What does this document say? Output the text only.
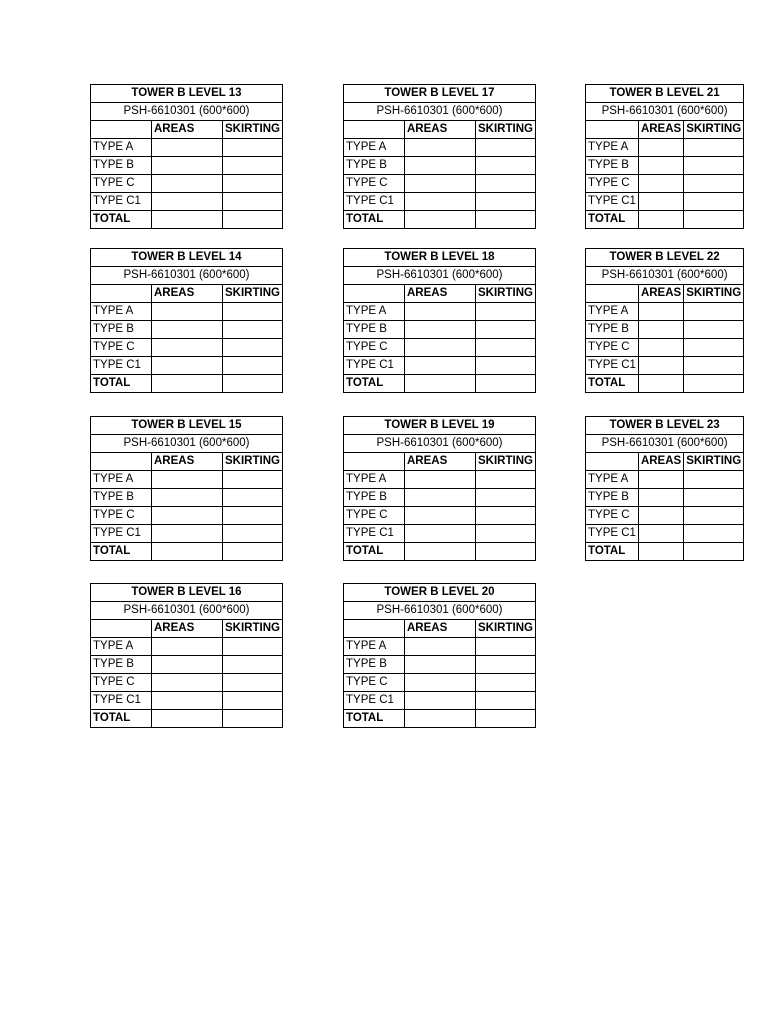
TOWER B LEVEL 13		
PSH-6610301 (600*600)		
	AREAS	SKIRTING
TYPE A		
TYPE B		
TYPE C		
TYPE C1		
TOTAL		
TOWER B LEVEL 14		
PSH-6610301 (600*600)		
	AREAS	SKIRTING
TYPE A		
TYPE B		
TYPE C		
TYPE C1		
TOTAL		
TOWER B LEVEL 15		
PSH-6610301 (600*600)		
	AREAS	SKIRTING
TYPE A		
TYPE B		
TYPE C		
TYPE C1		
TOTAL		
TOWER B LEVEL 16		
PSH-6610301 (600*600)		
	AREAS	SKIRTING
TYPE A		
TYPE B		
TYPE C		
TYPE C1		
TOTAL		
TOWER B LEVEL 17		
PSH-6610301 (600*600)		
	AREAS	SKIRTING
TYPE A		
TYPE B		
TYPE C		
TYPE C1		
TOTAL		
TOWER B LEVEL 18		
PSH-6610301 (600*600)		
	AREAS	SKIRTING
TYPE A		
TYPE B		
TYPE C		
TYPE C1		
TOTAL		
TOWER B LEVEL 19		
PSH-6610301 (600*600)		
	AREAS	SKIRTING
TYPE A		
TYPE B		
TYPE C		
TYPE C1		
TOTAL		
TOWER B LEVEL 20		
PSH-6610301 (600*600)		
	AREAS	SKIRTING
TYPE A		
TYPE B		
TYPE C		
TYPE C1		
TOTAL		
TOWER B LEVEL 21		
PSH-6610301 (600*600)		
	AREAS	SKIRTING
TYPE A		
TYPE B		
TYPE C		
TYPE C1		
TOTAL		
TOWER B LEVEL 22		
PSH-6610301 (600*600)		
	AREAS	SKIRTING
TYPE A		
TYPE B		
TYPE C		
TYPE C1		
TOTAL		
TOWER B LEVEL 23		
PSH-6610301 (600*600)		
	AREAS	SKIRTING
TYPE A		
TYPE B		
TYPE C		
TYPE C1		
TOTAL		
